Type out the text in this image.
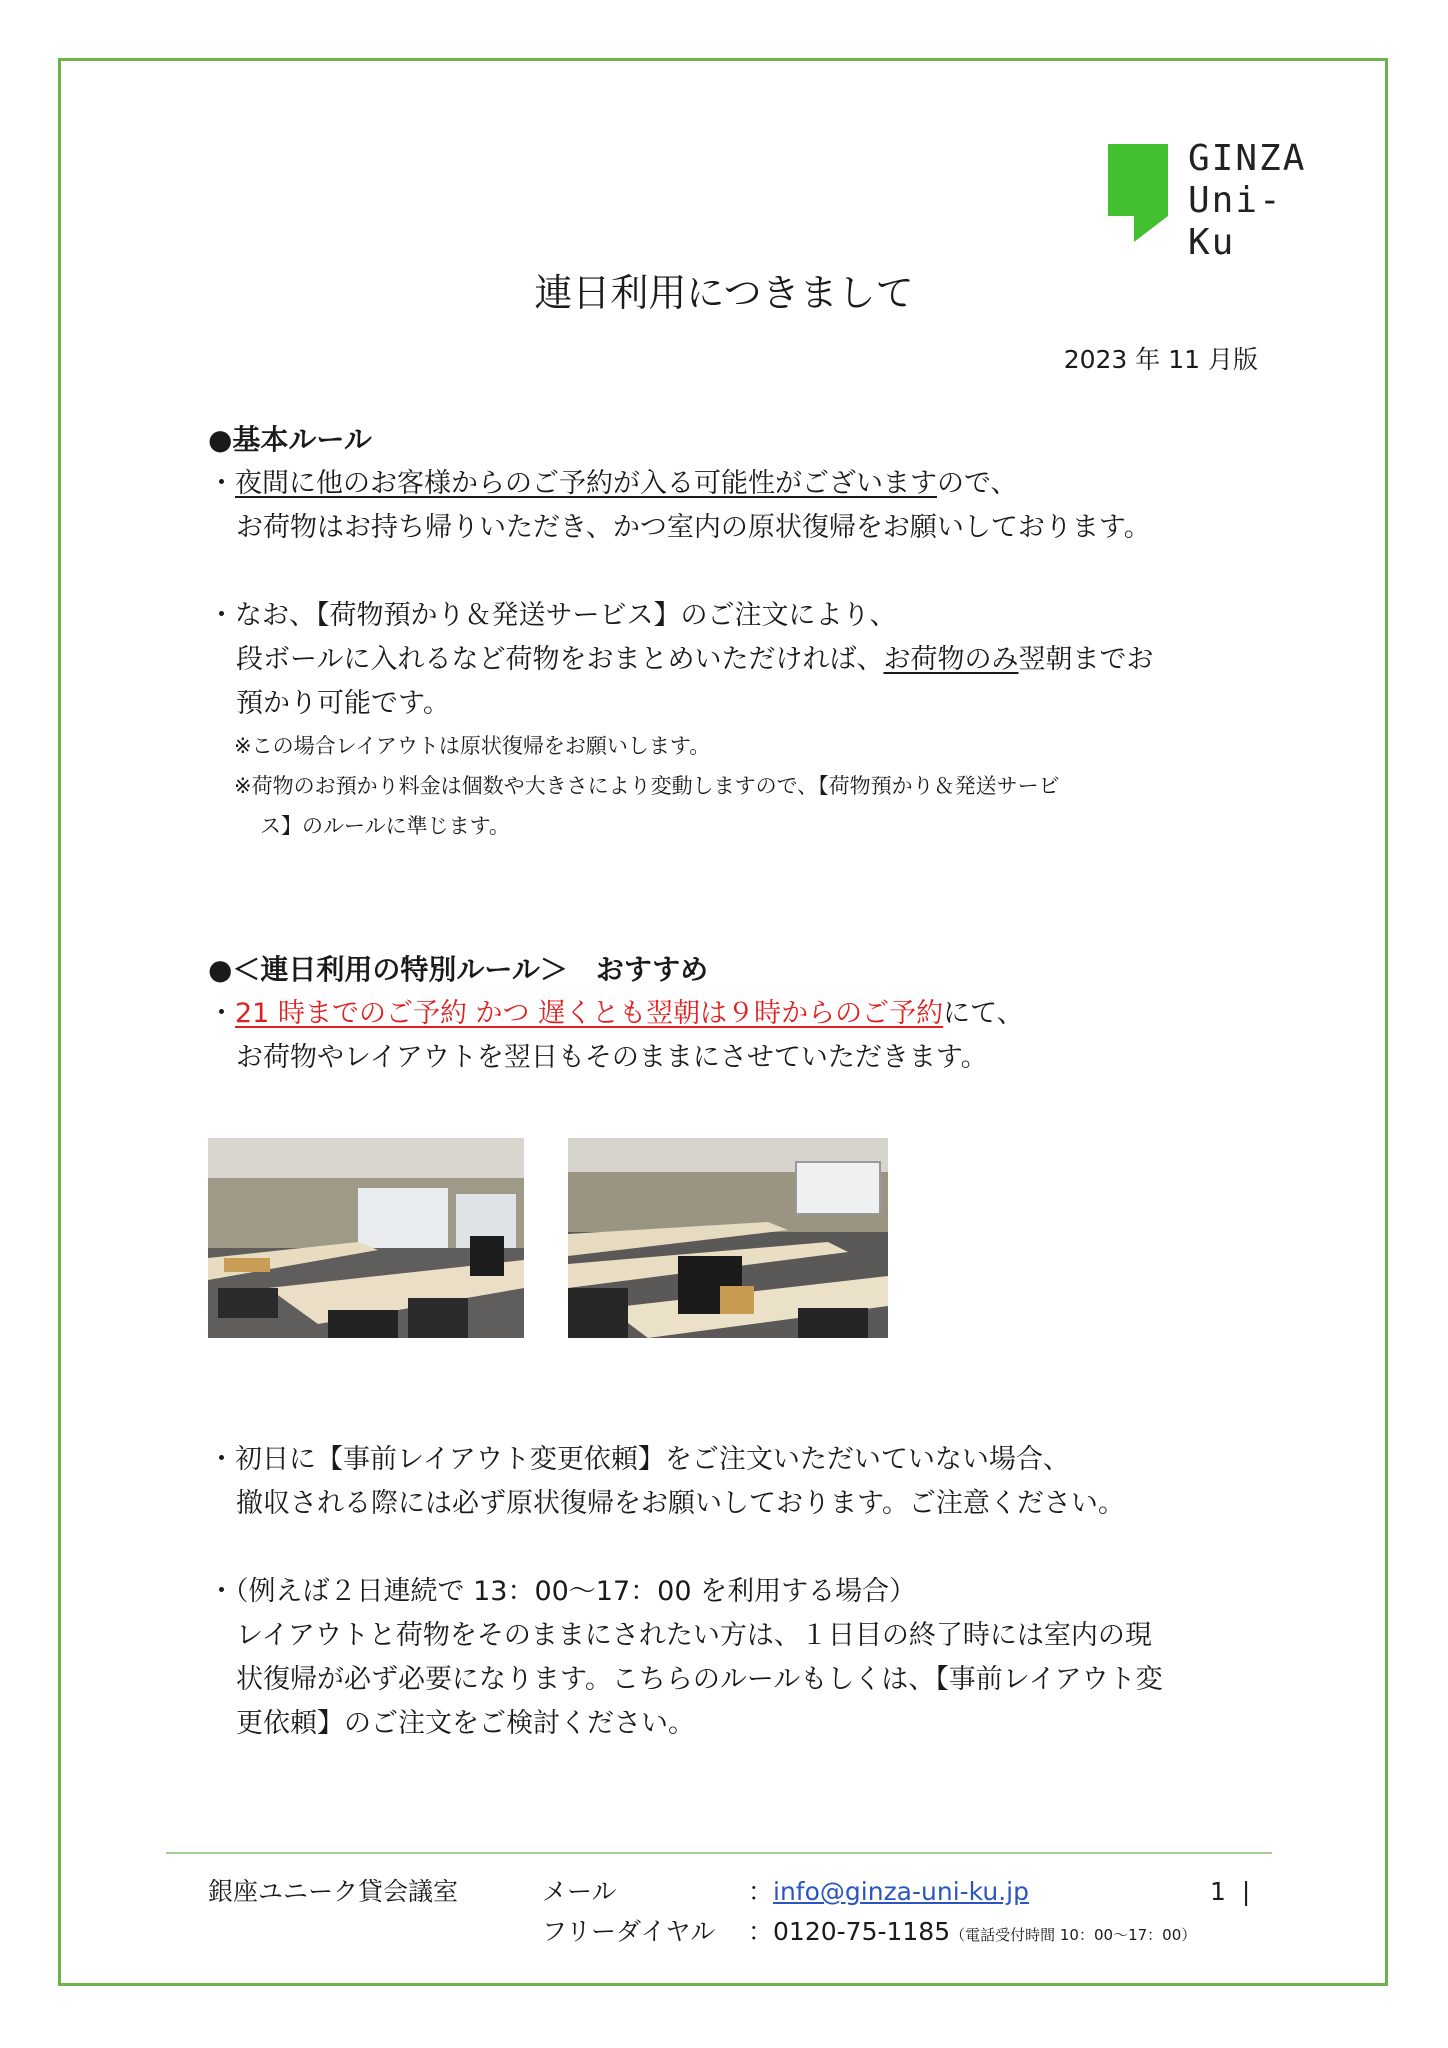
GINZA
Uni-Ku
連日利用につきまして
2023 年 11 月版

●基本ルール

・夜間に他のお客様からのご予約が入る可能性がございますので、

お荷物はお持ち帰りいただき、かつ室内の原状復帰をお願いしております。

・なお、【荷物預かり＆発送サービス】のご注文により、

段ボールに入れるなど荷物をおまとめいただければ、お荷物のみ翌朝までお

預かり可能です。

※この場合レイアウトは原状復帰をお願いします。

※荷物のお預かり料金は個数や大きさにより変動しますので、【荷物預かり＆発送サービ

ス】のルールに準じます。

●＜連日利用の特別ルール＞　おすすめ

・21 時までのご予約 かつ 遅くとも翌朝は９時からのご予約にて、

お荷物やレイアウトを翌日もそのままにさせていただきます。

・初日に【事前レイアウト変更依頼】をご注文いただいていない場合、

撤収される際には必ず原状復帰をお願いしております。ご注意ください。

・（例えば２日連続で 13：00～17：00 を利用する場合）

レイアウトと荷物をそのままにされたい方は、１日目の終了時には室内の現

状復帰が必ず必要になります。こちらのルールもしくは、【事前レイアウト変

更依頼】のご注文をご検討ください。

銀座ユニーク貸会議室	メール
フリーダイヤル
：info@ginza-uni-ku.jp
：0120-75-1185（電話受付時間 10：00～17：00）
1 |
